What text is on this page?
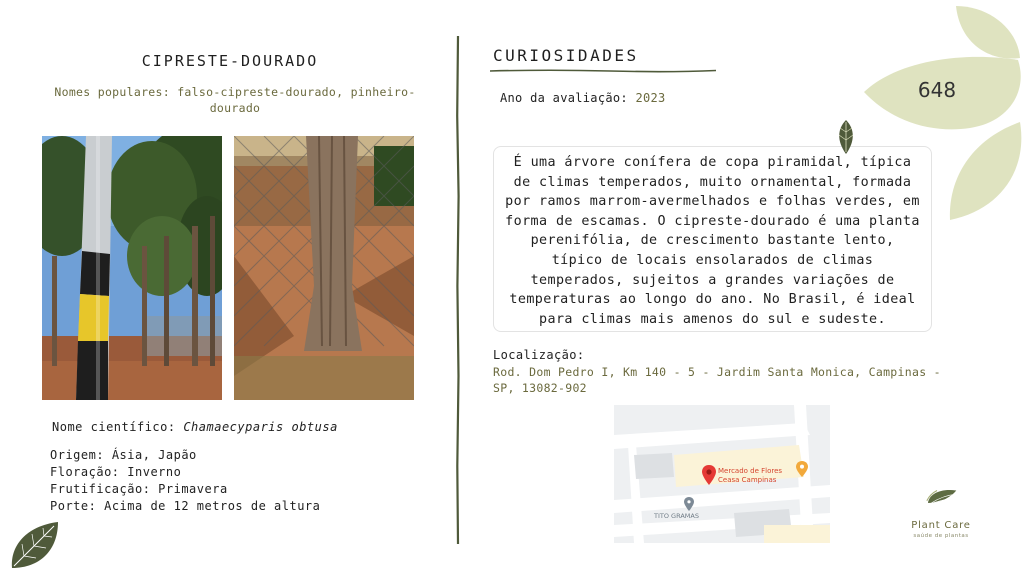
CIPRESTE-DOURADO
Nomes populares: falso-cipreste-dourado, pinheiro-dourado
Nome científico: Chamaecyparis obtusa
Origem: Ásia, Japão
Floração: Inverno
Frutificação: Primavera
Porte: Acima de 12 metros de altura
CURIOSIDADES
Ano da avaliação: 2023
É uma árvore conífera de copa piramidal, típica de climas temperados, muito ornamental, formada por ramos marrom-avermelhados e folhas verdes, em forma de escamas. O cipreste-dourado é uma planta perenifólia, de crescimento bastante lento, típico de locais ensolarados de climas temperados, sujeitos a grandes variações de temperaturas ao longo do ano. No Brasil, é ideal para climas mais amenos do sul e sudeste.
Localização:
Rod. Dom Pedro I, Km 140 - 5 - Jardim Santa Monica, Campinas - SP, 13082-902
Mercado de Flores
Ceasa Campinas
TITO GRAMAS
648
Plant Care
saúde de plantas
